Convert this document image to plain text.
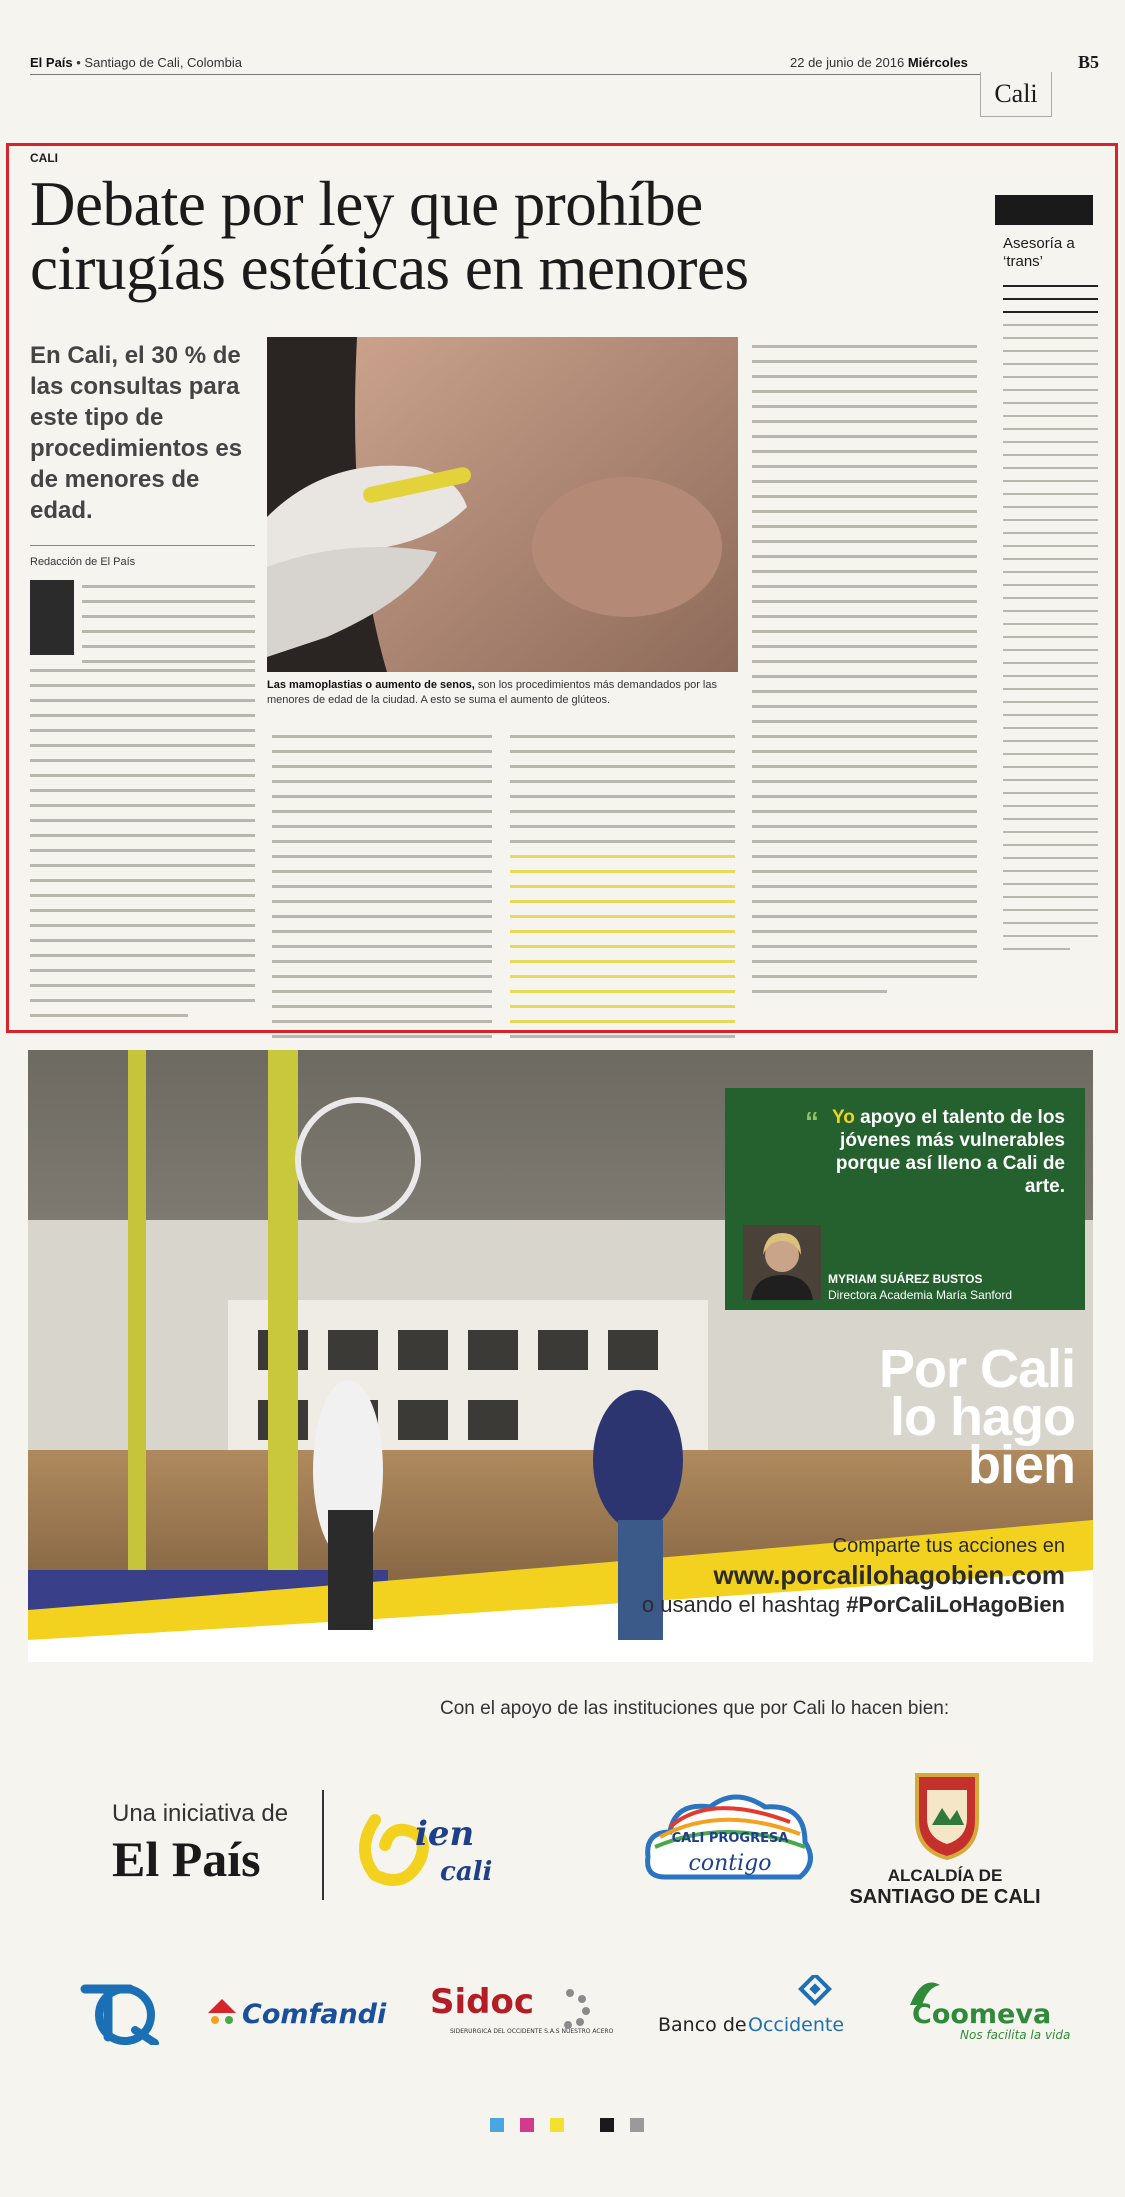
El País • Santiago de Cali, Colombia	22 de junio de 2016 Miércoles	B5
Cali
CALI
Debate por ley que prohíbe
cirugías estéticas en menores
En Cali, el 30 % de las consultas para este tipo de procedimientos es de menores de edad.
Redacción de El País
Las mamoplastias o aumento de senos, son los procedimientos más demandados por las menores de edad de la ciudad. A esto se suma el aumento de glúteos.
Asesoría a ‘trans’
“ Yo apoyo el talento de los jóvenes más vulnerables porque así lleno a Cali de arte.
MYRIAM SUÁREZ BUSTOS
Directora Academia María Sanford
Por Cali lo hago bien
Comparte tus acciones en
www.porcalilohagobien.com
o usando el hashtag #PorCaliLoHagoBien
Con el apoyo de las instituciones que por Cali lo hacen bien:
Una iniciativa de
El País	ien
cali
CALI PROGRESA
contigo	ALCALDÍA DE
SANTIAGO DE CALI
Comfandi Sidoc
SIDERURGICA DEL OCCIDENTE S.A.S NUESTRO ACERO Banco de Occidente	Coomeva
Nos facilita la vida
